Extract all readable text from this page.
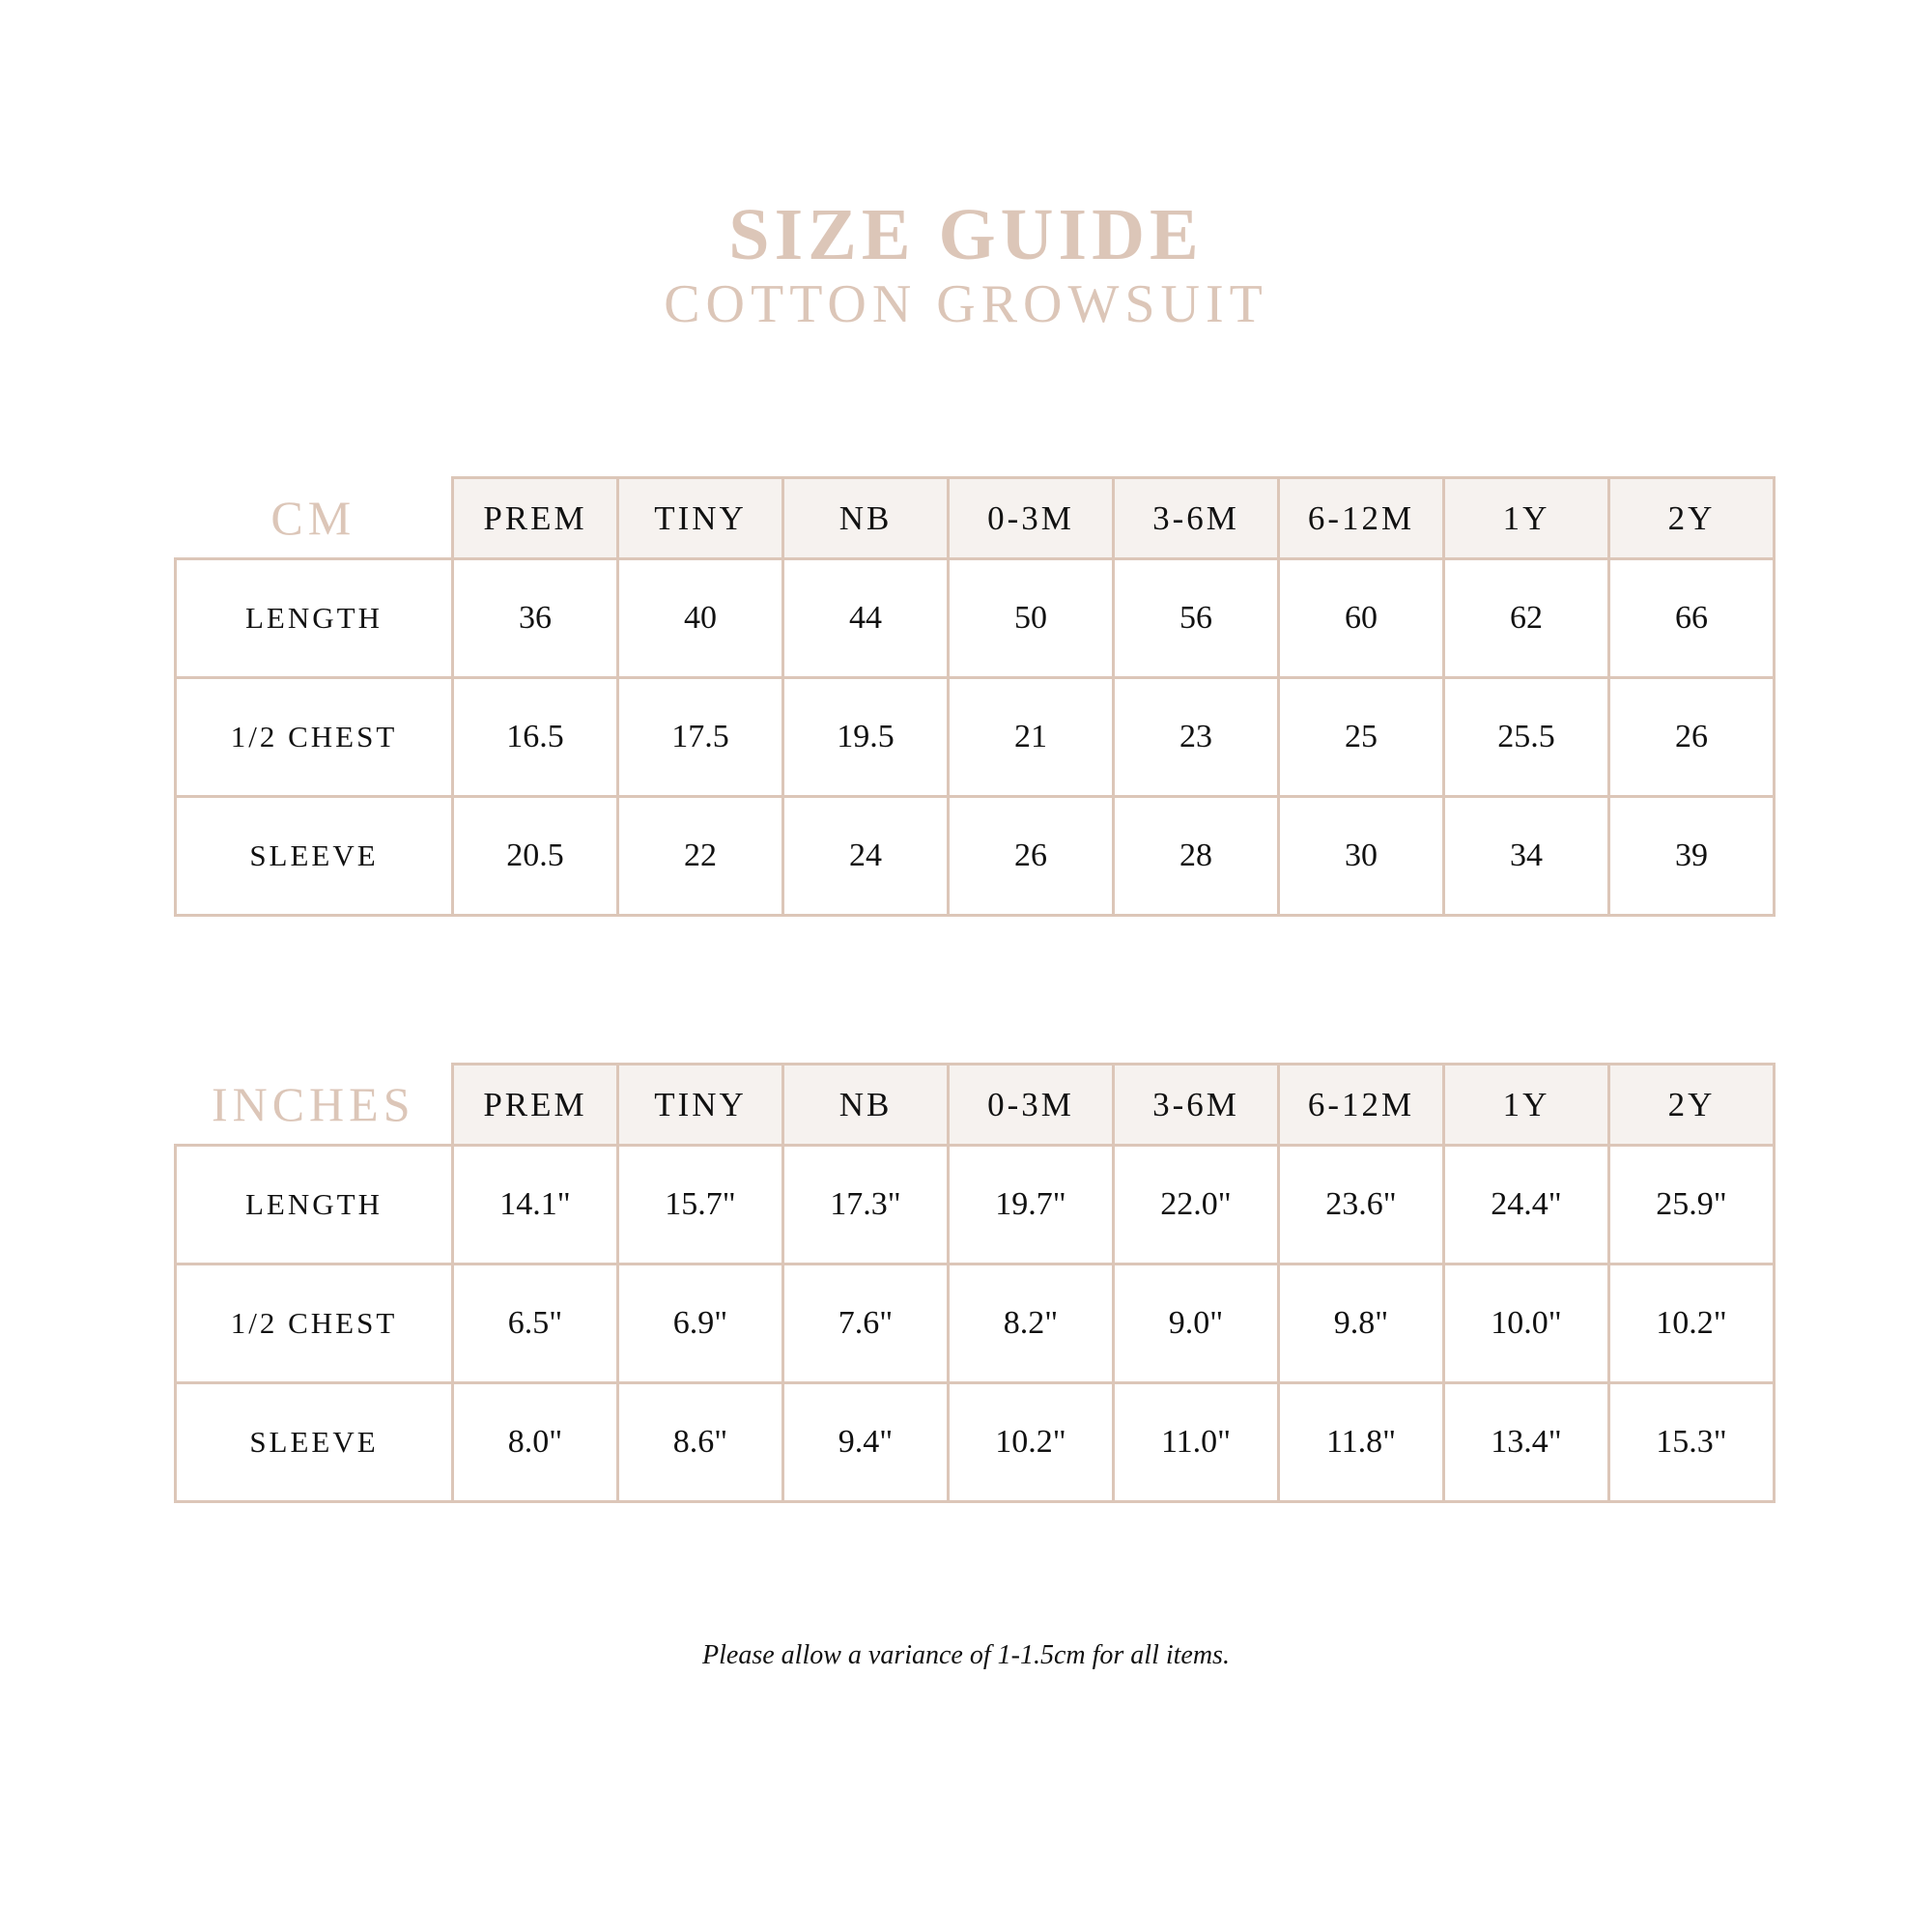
SIZE GUIDE
COTTON GROWSUIT
CM	PREM	TINY	NB	0-3M	3-6M	6-12M	1Y	2Y
LENGTH	36	40	44	50	56	60	62	66
1/2 CHEST	16.5	17.5	19.5	21	23	25	25.5	26
SLEEVE	20.5	22	24	26	28	30	34	39
INCHES	PREM	TINY	NB	0-3M	3-6M	6-12M	1Y	2Y
LENGTH	14.1"	15.7"	17.3"	19.7"	22.0"	23.6"	24.4"	25.9"
1/2 CHEST	6.5"	6.9"	7.6"	8.2"	9.0"	9.8"	10.0"	10.2"
SLEEVE	8.0"	8.6"	9.4"	10.2"	11.0"	11.8"	13.4"	15.3"
Please allow a variance of 1-1.5cm for all items.
